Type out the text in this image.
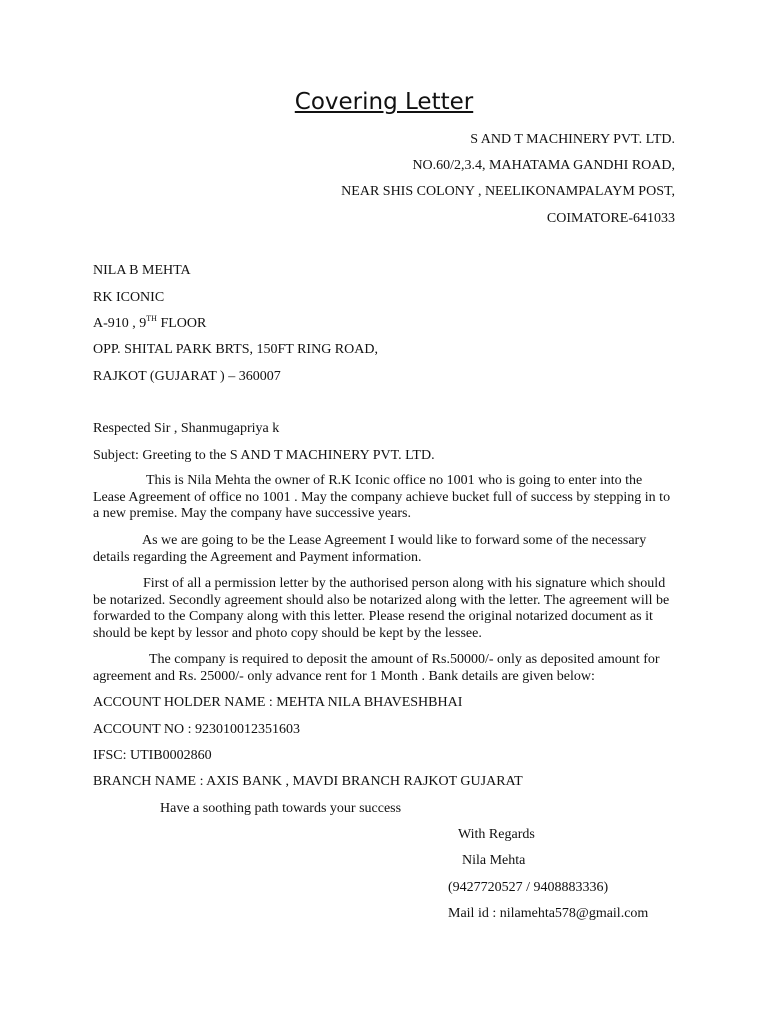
Covering Letter
S AND T MACHINERY PVT. LTD.
NO.60/2,3.4, MAHATAMA GANDHI ROAD,
NEAR SHIS COLONY , NEELIKONAMPALAYM POST,
COIMATORE-641033
NILA B MEHTA
RK ICONIC
A-910 , 9TH FLOOR
OPP. SHITAL PARK BRTS, 150FT RING ROAD,
RAJKOT (GUJARAT ) – 360007
Respected Sir , Shanmugapriya k
Subject: Greeting to the S AND T MACHINERY PVT. LTD.
This is Nila Mehta the owner of R.K Iconic office no 1001 who is going to enter into the Lease Agreement of office no 1001 . May the company achieve bucket full of success by stepping in to a new premise. May the company have successive years.
As we are going to be the Lease Agreement I would like to forward some of the necessary details regarding the Agreement and Payment information.
First of all a permission letter by the authorised person along with his signature which should be notarized. Secondly agreement should also be notarized along with the letter. The agreement will be forwarded to the Company along with this letter. Please resend the original notarized document as it should be kept by lessor and photo copy should be kept by the lessee.
The company is required to deposit the amount of Rs.50000/- only as deposited amount for agreement and Rs. 25000/- only advance rent for 1 Month . Bank details are given below:
ACCOUNT HOLDER NAME : MEHTA NILA BHAVESHBHAI
ACCOUNT NO : 923010012351603
IFSC: UTIB0002860
BRANCH NAME : AXIS BANK , MAVDI BRANCH RAJKOT GUJARAT
Have a soothing path towards your success
With Regards
Nila Mehta
(9427720527 / 9408883336)
Mail id : nilamehta578@gmail.com
